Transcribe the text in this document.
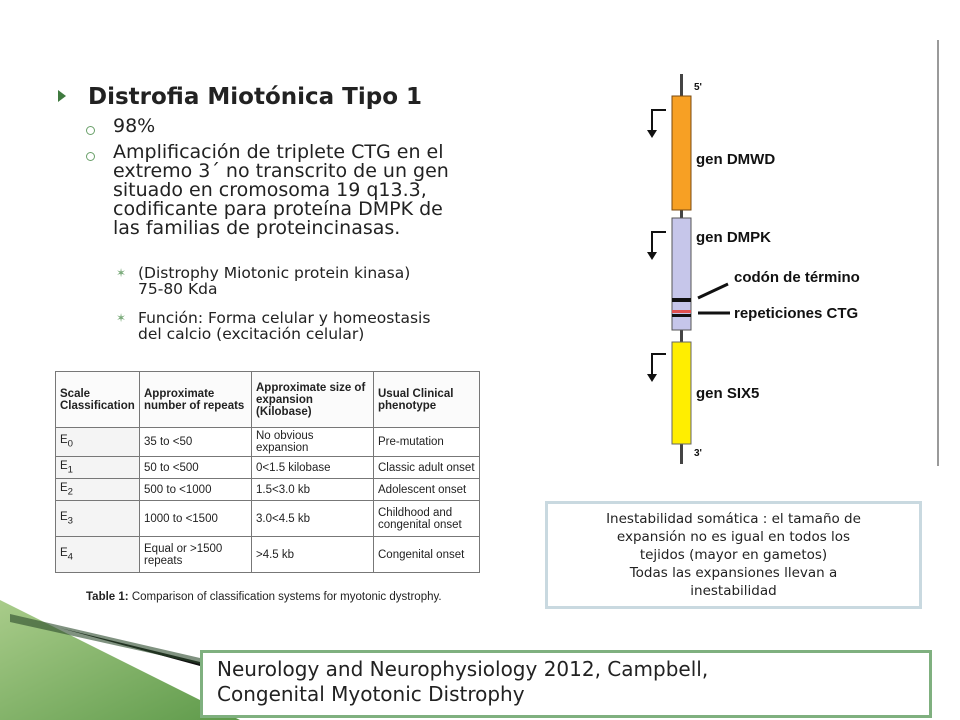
Distrofia Miotónica Tipo 1
98%
Amplificación de triplete CTG en el
extremo 3´ no transcrito de un gen
situado en cromosoma 19 q13.3,
codificante para proteína DMPK de
las familias de proteincinasas.
✶ (Distrophy Miotonic protein kinasa)
75-80 Kda
✶ Función: Forma celular y homeostasis
del calcio (excitación celular)
Scale Classification	Approximate number of repeats	Approximate size of expansion (Kilobase)	Usual Clinical phenotype
$E_0$	35 to <50	No obvious expansion	Pre-mutation
$E_1$	50 to <500	0<1.5 kilobase	Classic adult onset
$E_2$	500 to <1000	1.5<3.0 kb	Adolescent onset
$E_3$	1000 to <1500	3.0<4.5 kb	Childhood and congenital onset
$E_4$	Equal or >1500 repeats	>4.5 kb	Congenital onset
Table 1: Comparison of classification systems for myotonic dystrophy.
5'
3'
gen DMWD
gen DMPK
codón de término
repeticiones CTG
gen SIX5
Inestabilidad somática : el tamaño de
expansión no es igual en todos los
tejidos (mayor en gametos)
Todas las expansiones llevan a
inestabilidad
Neurology and Neurophysiology 2012, Campbell,
Congenital Myotonic Distrophy
